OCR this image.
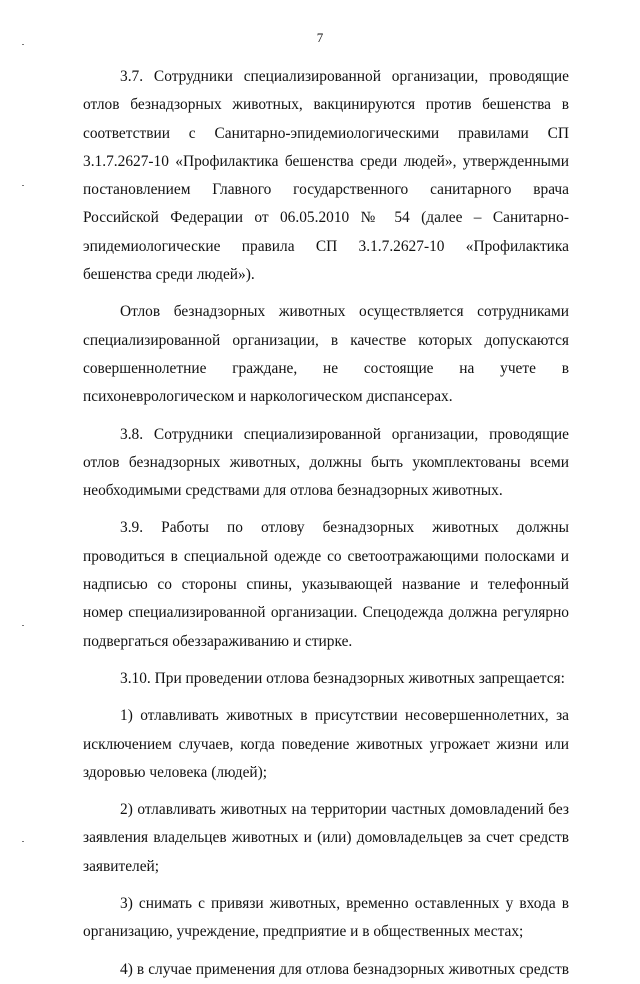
7

3.7. Сотрудники специализированной организации, проводящие отлов безнадзорных животных, вакцинируются против бешенства в соответствии с Санитарно-эпидемиологическими правилами СП 3.1.7.2627-10 «Профилактика бешенства среди людей», утвержденными постановлением Главного государственного санитарного врача Российской Федерации от 06.05.2010 № 54 (далее – Санитарно-эпидемиологические правила СП 3.1.7.2627-10 «Профилактика бешенства среди людей»).

Отлов безнадзорных животных осуществляется сотрудниками специализированной организации, в качестве которых допускаются совершеннолетние граждане, не состоящие на учете в психоневрологическом и наркологическом диспансерах.

3.8. Сотрудники специализированной организации, проводящие отлов безнадзорных животных, должны быть укомплектованы всеми необходимыми средствами для отлова безнадзорных животных.

3.9. Работы по отлову безнадзорных животных должны проводиться в специальной одежде со светоотражающими полосками и надписью со стороны спины, указывающей название и телефонный номер специализированной организации. Спецодежда должна регулярно подвергаться обеззараживанию и стирке.

3.10. При проведении отлова безнадзорных животных запрещается:

1) отлавливать животных в присутствии несовершеннолетних, за исключением случаев, когда поведение животных угрожает жизни или здоровью человека (людей);

2) отлавливать животных на территории частных домовладений без заявления владельцев животных и (или) домовладельцев за счет средств заявителей;

3) снимать с привязи животных, временно оставленных у входа в организацию, учреждение, предприятие и в общественных местах;

4) в случае применения для отлова безнадзорных животных средств
